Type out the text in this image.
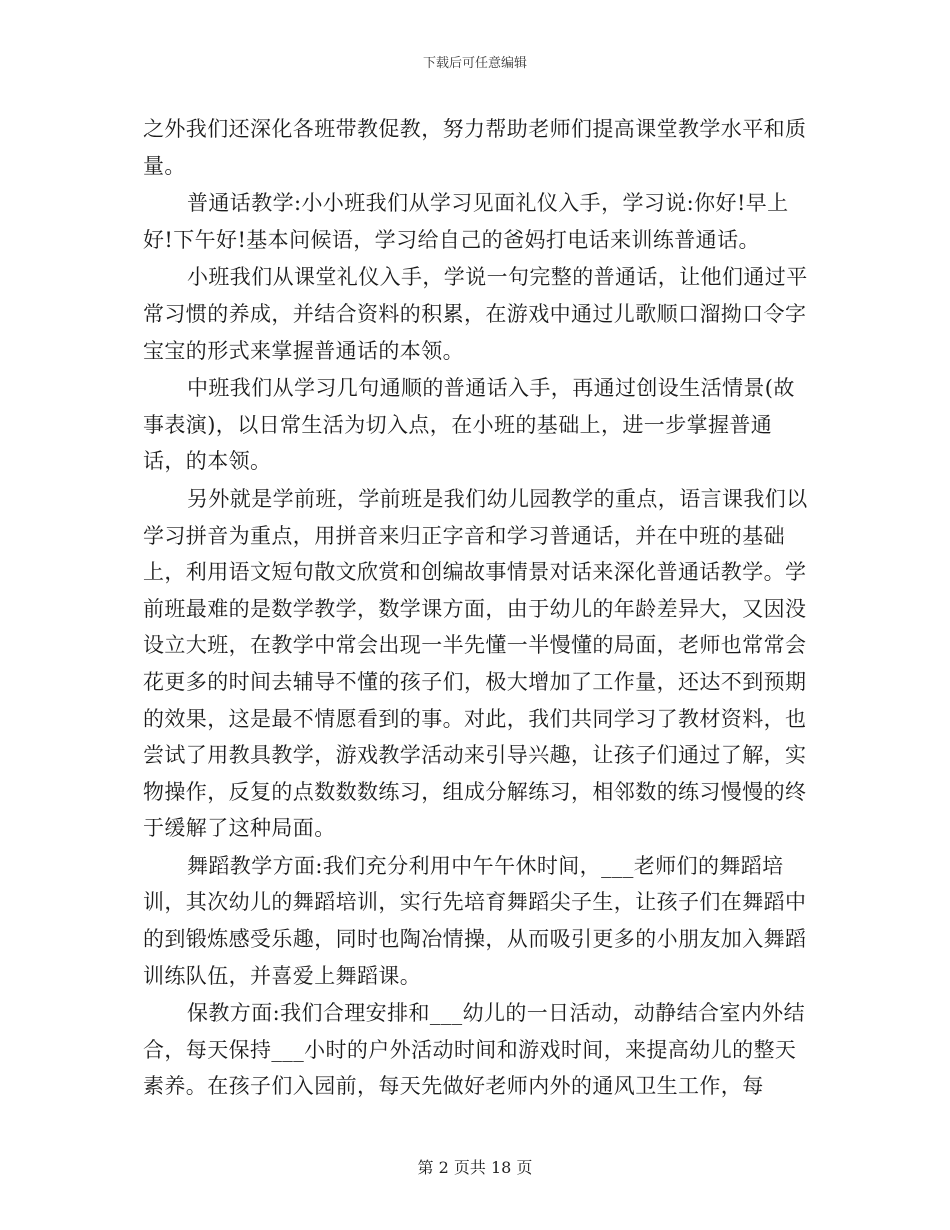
下载后可任意编辑

之外我们还深化各班带教促教，努力帮助老师们提高课堂教学水平和质量。

普通话教学:小小班我们从学习见面礼仪入手，学习说:你好!早上好!下午好!基本问候语，学习给自己的爸妈打电话来训练普通话。

小班我们从课堂礼仪入手，学说一句完整的普通话，让他们通过平常习惯的养成，并结合资料的积累，在游戏中通过儿歌顺口溜拗口令字宝宝的形式来掌握普通话的本领。

中班我们从学习几句通顺的普通话入手，再通过创设生活情景(故事表演)，以日常生活为切入点，在小班的基础上，进一步掌握普通话，的本领。

另外就是学前班，学前班是我们幼儿园教学的重点，语言课我们以学习拼音为重点，用拼音来归正字音和学习普通话，并在中班的基础上，利用语文短句散文欣赏和创编故事情景对话来深化普通话教学。学前班最难的是数学教学，数学课方面，由于幼儿的年龄差异大，又因没设立大班，在教学中常会出现一半先懂一半慢懂的局面，老师也常常会花更多的时间去辅导不懂的孩子们，极大增加了工作量，还达不到预期的效果，这是最不情愿看到的事。对此，我们共同学习了教材资料，也尝试了用教具教学，游戏教学活动来引导兴趣，让孩子们通过了解，实物操作，反复的点数数数练习，组成分解练习，相邻数的练习慢慢的终于缓解了这种局面。

舞蹈教学方面:我们充分利用中午午休时间，___老师们的舞蹈培训，其次幼儿的舞蹈培训，实行先培育舞蹈尖子生，让孩子们在舞蹈中的到锻炼感受乐趣，同时也陶冶情操，从而吸引更多的小朋友加入舞蹈训练队伍，并喜爱上舞蹈课。

保教方面:我们合理安排和___幼儿的一日活动，动静结合室内外结合，每天保持___小时的户外活动时间和游戏时间，来提高幼儿的整天素养。在孩子们入园前，每天先做好老师内外的通风卫生工作，每

第 2 页共 18 页
